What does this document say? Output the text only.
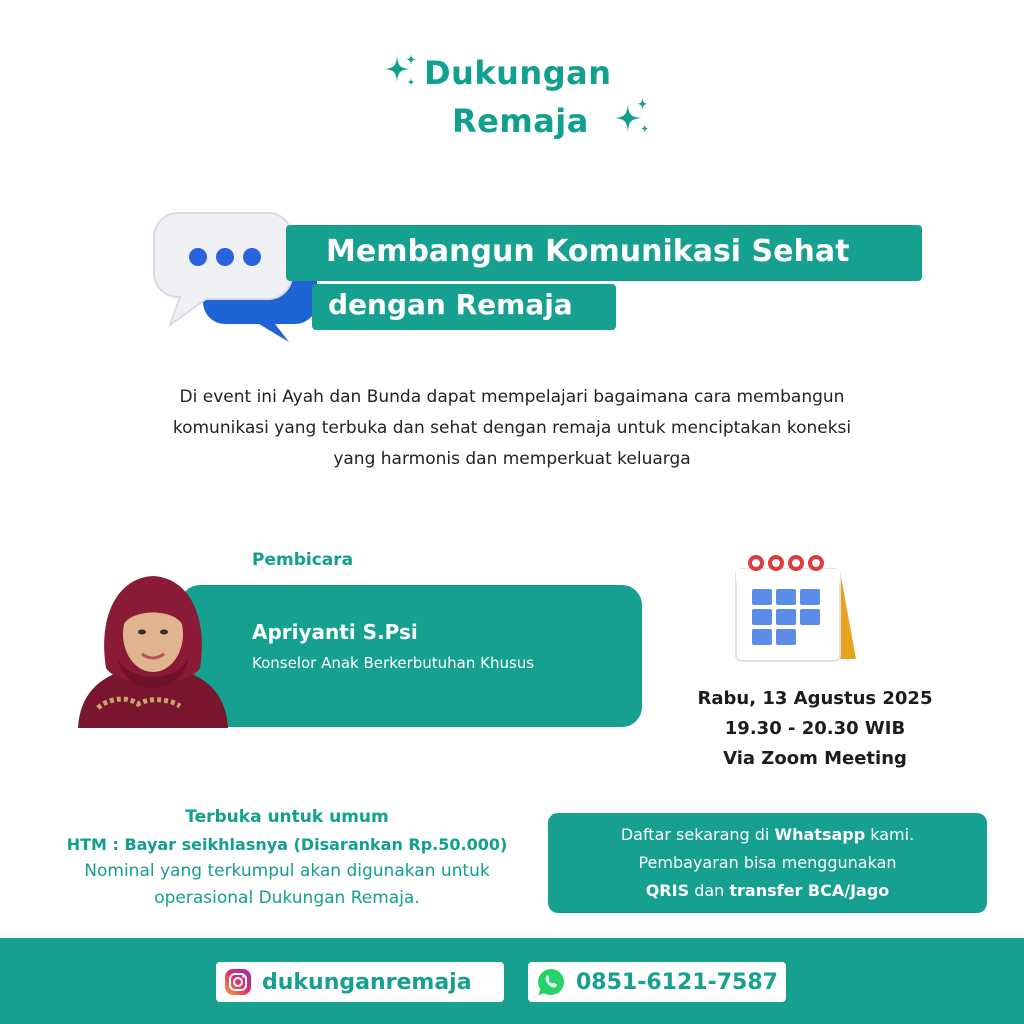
Dukungan
Remaja
Membangun Komunikasi Sehat
dengan Remaja
Di event ini Ayah dan Bunda dapat mempelajari bagaimana cara membangun
komunikasi yang terbuka dan sehat dengan remaja untuk menciptakan koneksi
yang harmonis dan memperkuat keluarga
Pembicara
Apriyanti S.Psi
Konselor Anak Berkerbutuhan Khusus
Rabu, 13 Agustus 2025
19.30 - 20.30 WIB
Via Zoom Meeting
Terbuka untuk umum
HTM : Bayar seikhlasnya (Disarankan Rp.50.000)
Nominal yang terkumpul akan digunakan untuk
operasional Dukungan Remaja.
Daftar sekarang di Whatsapp kami.
Pembayaran bisa menggunakan
QRIS dan transfer BCA/Jago
dukunganremaja	0851-6121-7587
